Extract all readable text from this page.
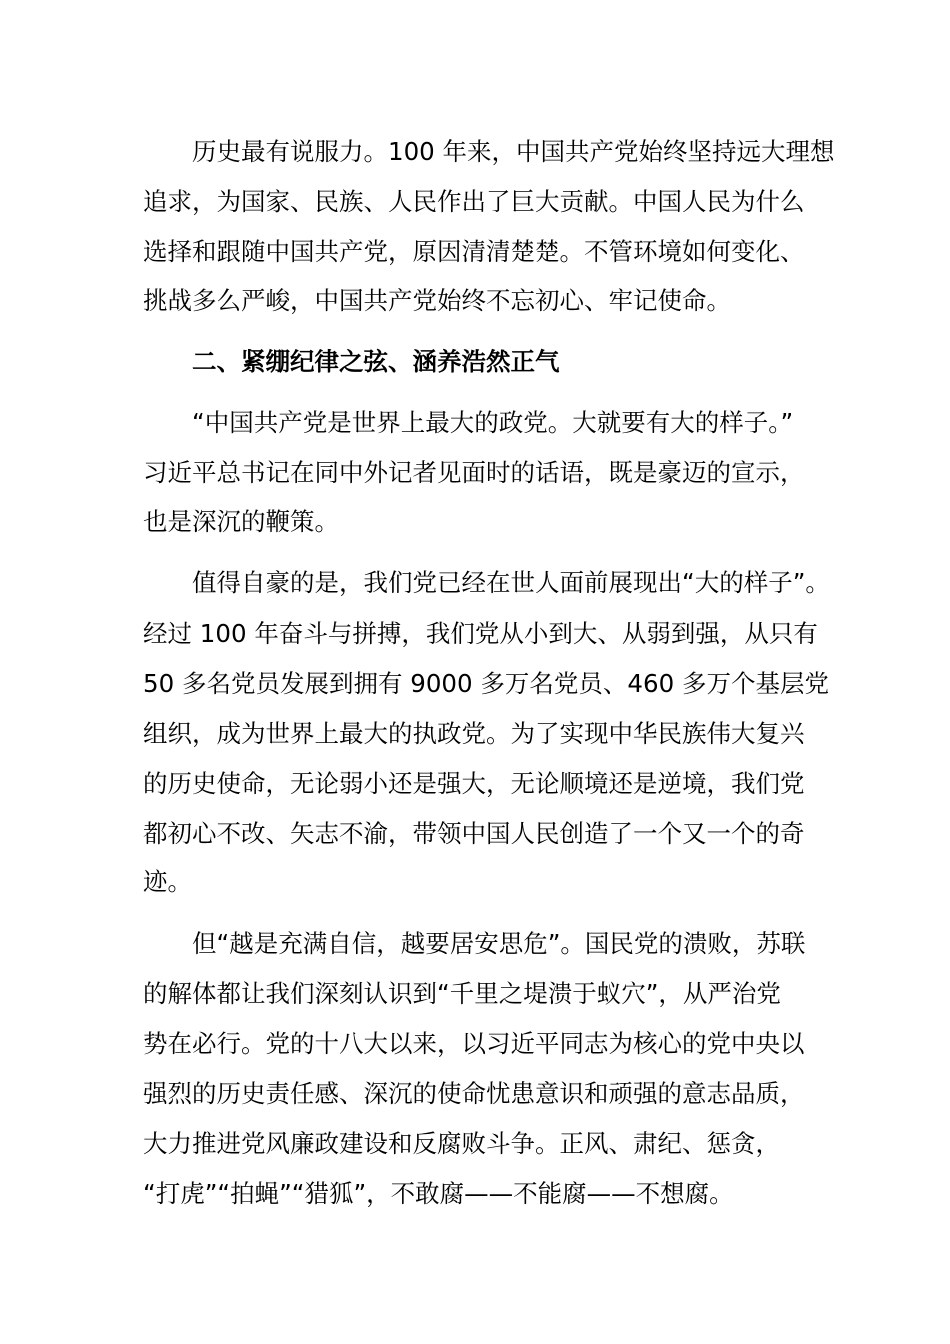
　　历史最有说服力。100 年来，中国共产党始终坚持远大理想
追求，为国家、民族、人民作出了巨大贡献。中国人民为什么
选择和跟随中国共产党，原因清清楚楚。不管环境如何变化、
挑战多么严峻，中国共产党始终不忘初心、牢记使命。
　　二、紧绷纪律之弦、涵养浩然正气
　　“中国共产党是世界上最大的政党。大就要有大的样子。”
习近平总书记在同中外记者见面时的话语，既是豪迈的宣示，
也是深沉的鞭策。
　　值得自豪的是，我们党已经在世人面前展现出“大的样子”。
经过 100 年奋斗与拼搏，我们党从小到大、从弱到强，从只有
50 多名党员发展到拥有 9000 多万名党员、460 多万个基层党
组织，成为世界上最大的执政党。为了实现中华民族伟大复兴
的历史使命，无论弱小还是强大，无论顺境还是逆境，我们党
都初心不改、矢志不渝，带领中国人民创造了一个又一个的奇
迹。
　　但“越是充满自信，越要居安思危”。国民党的溃败，苏联
的解体都让我们深刻认识到“千里之堤溃于蚁穴”，从严治党
势在必行。党的十八大以来，以习近平同志为核心的党中央以
强烈的历史责任感、深沉的使命忧患意识和顽强的意志品质，
大力推进党风廉政建设和反腐败斗争。正风、肃纪、惩贪，
“打虎”“拍蝇”“猎狐”，不敢腐——不能腐——不想腐。
